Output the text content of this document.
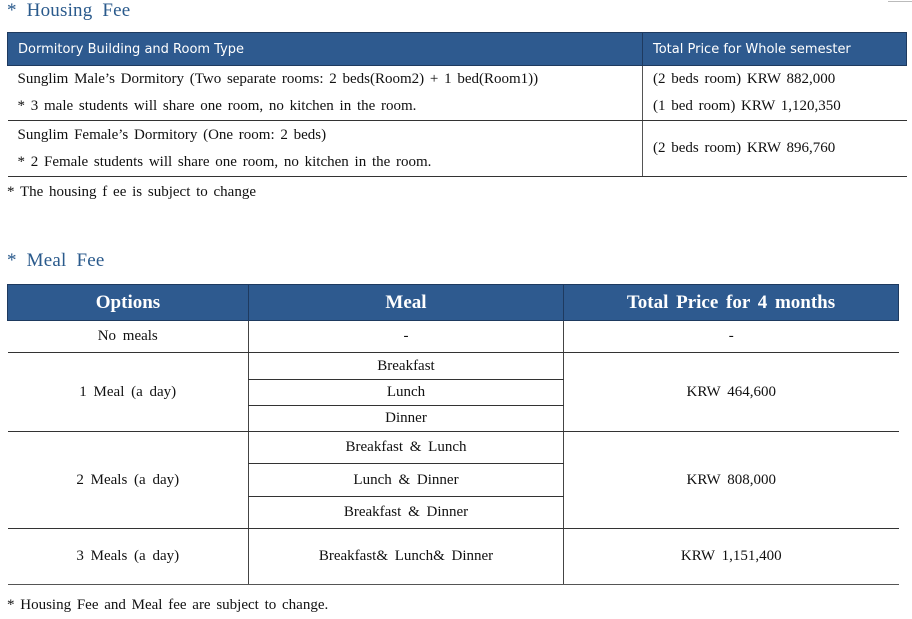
* Housing Fee
Dormitory Building and Room Type	Total Price for Whole semester

Sunglim Male’s Dormitory (Two separate rooms: 2 beds(Room2) + 1 bed(Room1))
* 3 male students will share one room, no kitchen in the room.	(2 beds room) KRW 882,000
(1 bed room) KRW 1,120,350

Sunglim Female’s Dormitory (One room: 2 beds)
* 2 Female students will share one room, no kitchen in the room.	(2 beds room) KRW 896,760
* The housing f ee is subject to change
* Meal Fee
Options	Meal	Total Price for 4 months
No meals	-	-
1 Meal (a day)	Breakfast	KRW 464,600
	Lunch	
	Dinner	
2 Meals (a day)	Breakfast & Lunch	KRW 808,000
	Lunch & Dinner	
	Breakfast & Dinner	
3 Meals (a day)	Breakfast& Lunch& Dinner	KRW 1,151,400
* Housing Fee and Meal fee are subject to change.
